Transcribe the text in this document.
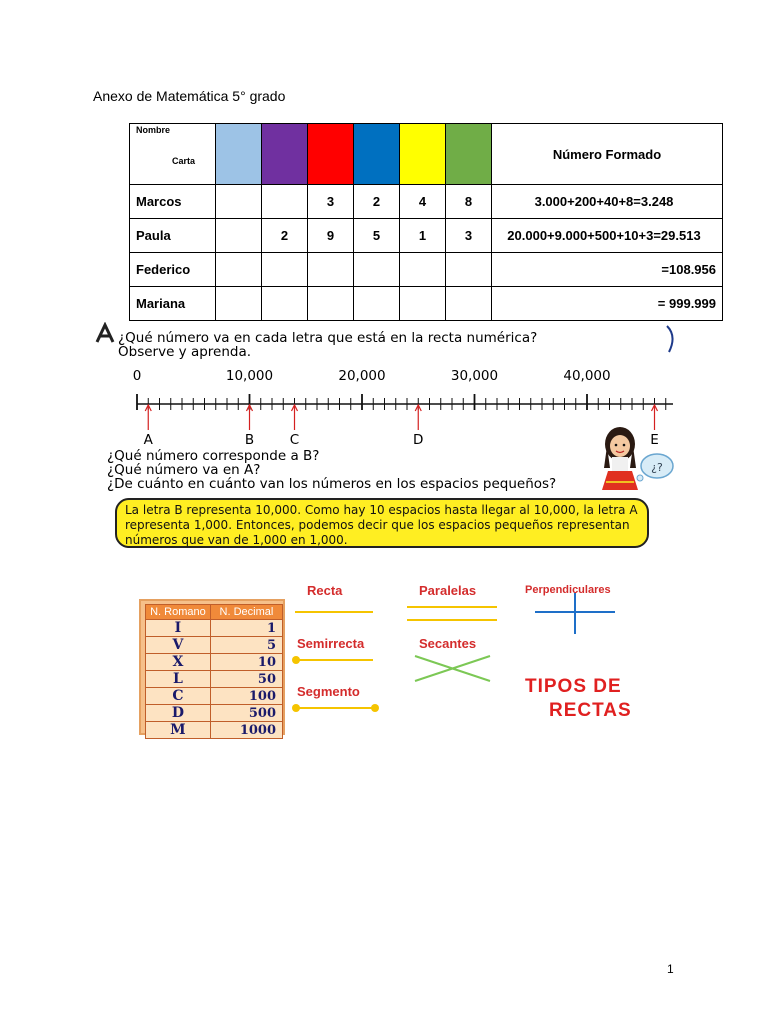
Anexo de Matemática 5° grado
Nombre
Carta							Número Formado
Marcos			3	2	4	8	3.000+200+40+8=3.248
Paula		2	9	5	1	3	20.000+9.000+500+10+3=29.513
Federico							=108.956
Mariana							= 999.999
¿Qué número va en cada letra que está en la recta numérica?
Observe y aprenda.
0	10,000	20,000	30,000	40,000
A	B	C	D	E
¿?
¿Qué número corresponde a B?
¿Qué número va en A?
¿De cuánto en cuánto van los números en los espacios pequeños?
La letra B representa 10,000. Como hay 10 espacios hasta llegar al 10,000, la letra A
representa 1,000. Entonces, podemos decir que los espacios pequeños representan
números que van de 1,000 en 1,000.
N. Romano	N. Decimal
I	1
V	5
X	10
L	50
C	100
D	500
M	1000
Recta	Paralelas	Perpendiculares
Semirrecta	Secantes
Segmento	TIPOS DE
RECTAS
1
